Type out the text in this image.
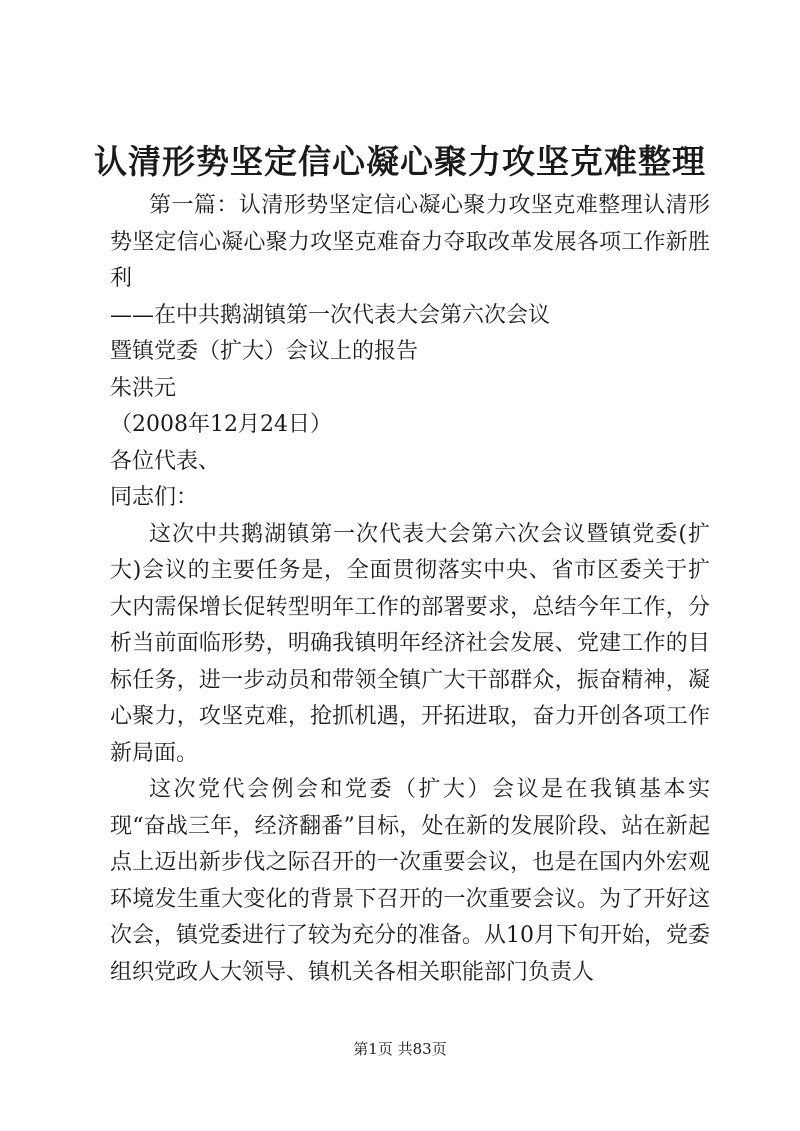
认清形势坚定信心凝心聚力攻坚克难整理

第一篇：认清形势坚定信心凝心聚力攻坚克难整理认清形势坚定信心凝心聚力攻坚克难奋力夺取改革发展各项工作新胜利

——在中共鹅湖镇第一次代表大会第六次会议

暨镇党委（扩大）会议上的报告

朱洪元

（2008年12月24日）

各位代表、

同志们：

这次中共鹅湖镇第一次代表大会第六次会议暨镇党委(扩大)会议的主要任务是，全面贯彻落实中央、省市区委关于扩大内需保增长促转型明年工作的部署要求，总结今年工作，分析当前面临形势，明确我镇明年经济社会发展、党建工作的目标任务，进一步动员和带领全镇广大干部群众，振奋精神，凝心聚力，攻坚克难，抢抓机遇，开拓进取，奋力开创各项工作新局面。

这次党代会例会和党委（扩大）会议是在我镇基本实现“奋战三年，经济翻番”目标，处在新的发展阶段、站在新起点上迈出新步伐之际召开的一次重要会议，也是在国内外宏观环境发生重大变化的背景下召开的一次重要会议。为了开好这次会，镇党委进行了较为充分的准备。从10月下旬开始，党委组织党政人大领导、镇机关各相关职能部门负责人

第1页 共83页
